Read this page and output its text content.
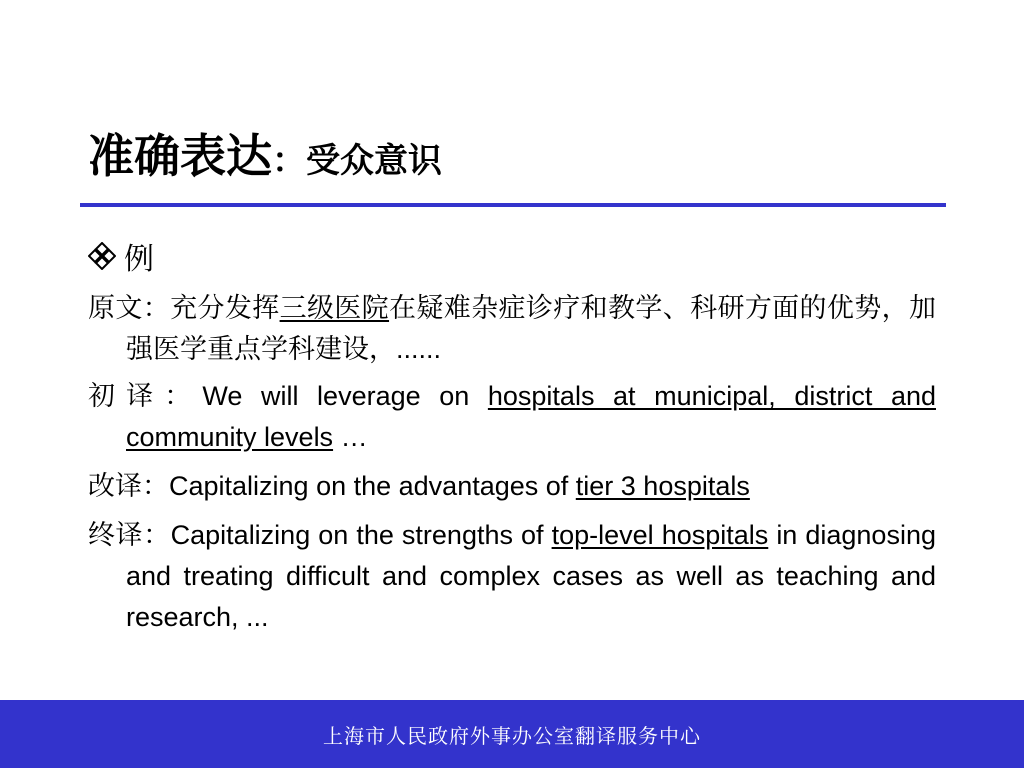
准确表达：受众意识
例
原文：充分发挥三级医院在疑难杂症诊疗和教学、科研方面的优势，加强医学重点学科建设，......
初译：We will leverage on hospitals at municipal, district and community levels …
改译：Capitalizing on the advantages of tier 3 hospitals
终译：Capitalizing on the strengths of top-level hospitals in diagnosing and treating difficult and complex cases as well as teaching and research, ...
上海市人民政府外事办公室翻译服务中心
